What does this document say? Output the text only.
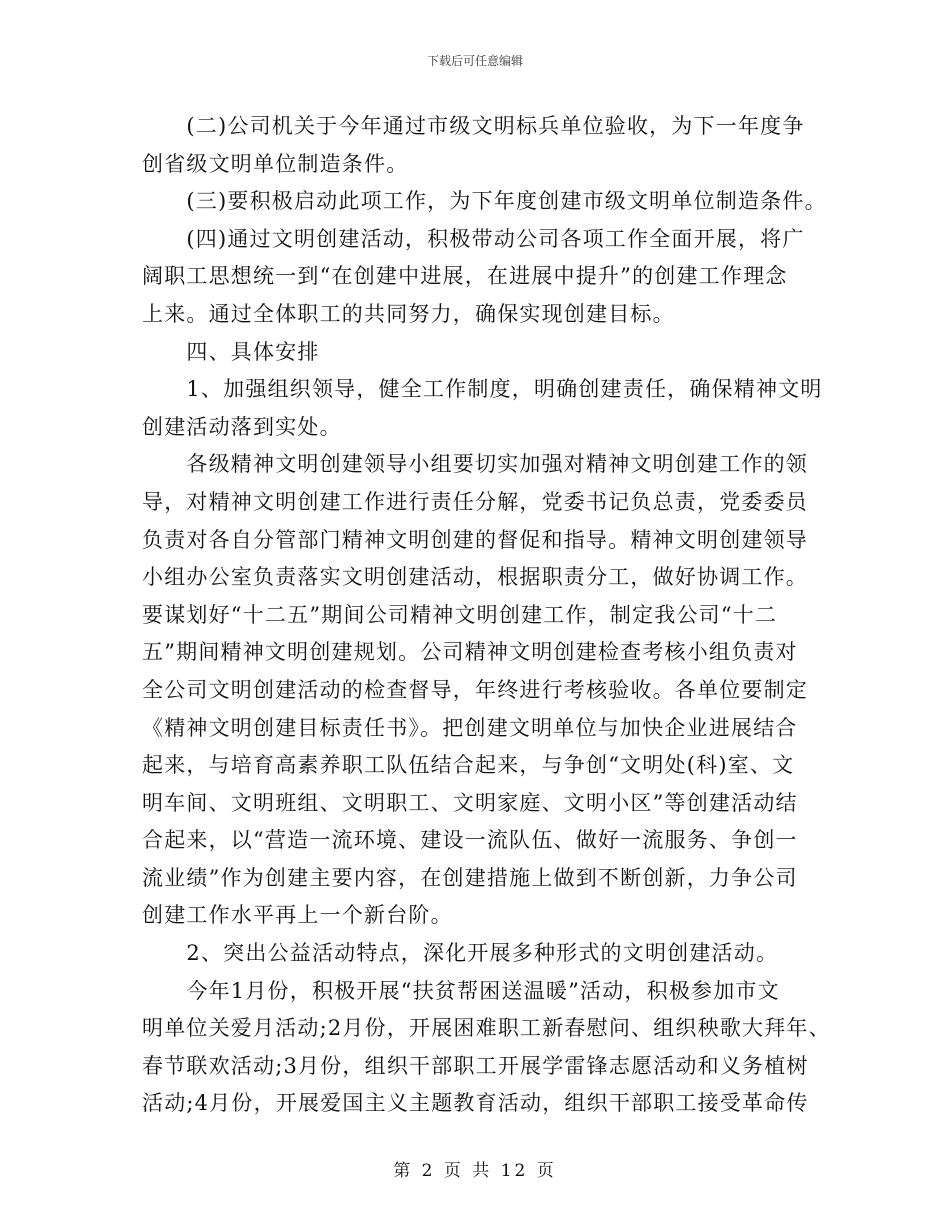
下载后可任意编辑
　　(二)公司机关于今年通过市级文明标兵单位验收，为下一年度争
创省级文明单位制造条件。
　　(三)要积极启动此项工作，为下年度创建市级文明单位制造条件。
　　(四)通过文明创建活动，积极带动公司各项工作全面开展，将广
阔职工思想统一到“在创建中进展，在进展中提升”的创建工作理念
上来。通过全体职工的共同努力，确保实现创建目标。
　　四、具体安排
　　1、加强组织领导，健全工作制度，明确创建责任，确保精神文明
创建活动落到实处。
　　各级精神文明创建领导小组要切实加强对精神文明创建工作的领
导，对精神文明创建工作进行责任分解，党委书记负总责，党委委员
负责对各自分管部门精神文明创建的督促和指导。精神文明创建领导
小组办公室负责落实文明创建活动，根据职责分工，做好协调工作。
要谋划好“十二五”期间公司精神文明创建工作，制定我公司“十二
五”期间精神文明创建规划。公司精神文明创建检查考核小组负责对
全公司文明创建活动的检查督导，年终进行考核验收。各单位要制定
《精神文明创建目标责任书》。把创建文明单位与加快企业进展结合
起来，与培育高素养职工队伍结合起来，与争创“文明处(科)室、文
明车间、文明班组、文明职工、文明家庭、文明小区”等创建活动结
合起来，以“营造一流环境、建设一流队伍、做好一流服务、争创一
流业绩”作为创建主要内容，在创建措施上做到不断创新，力争公司
创建工作水平再上一个新台阶。
　　2、突出公益活动特点，深化开展多种形式的文明创建活动。
　　今年1月份，积极开展“扶贫帮困送温暖”活动，积极参加市文
明单位关爱月活动;2月份，开展困难职工新春慰问、组织秧歌大拜年、
春节联欢活动;3月份，组织干部职工开展学雷锋志愿活动和义务植树
活动;4月份，开展爱国主义主题教育活动，组织干部职工接受革命传
第 2 页 共 12 页
